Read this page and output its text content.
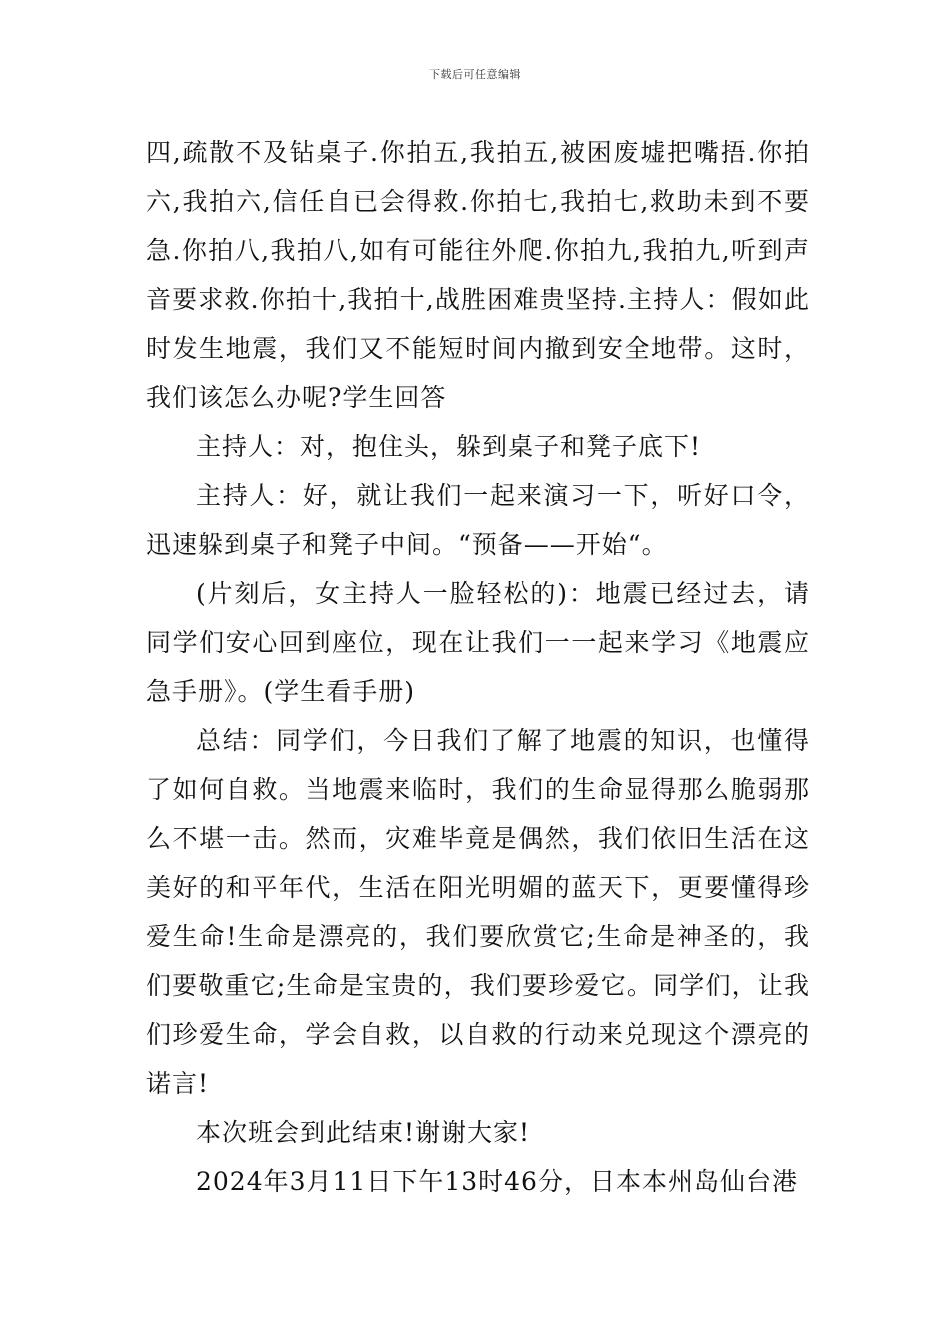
下载后可任意编辑

四,疏散不及钻桌子.你拍五,我拍五,被困废墟把嘴捂.你拍六,我拍六,信任自已会得救.你拍七,我拍七,救助未到不要急.你拍八,我拍八,如有可能往外爬.你拍九,我拍九,听到声音要求救.你拍十,我拍十,战胜困难贵坚持.主持人：假如此时发生地震，我们又不能短时间内撤到安全地带。这时，我们该怎么办呢?学生回答

主持人：对，抱住头，躲到桌子和凳子底下!

主持人：好，就让我们一起来演习一下，听好口令，迅速躲到桌子和凳子中间。“预备——开始“。

(片刻后，女主持人一脸轻松的)：地震已经过去，请同学们安心回到座位，现在让我们一一起来学习《地震应急手册》。(学生看手册)

总结：同学们，今日我们了解了地震的知识，也懂得了如何自救。当地震来临时，我们的生命显得那么脆弱那么不堪一击。然而，灾难毕竟是偶然，我们依旧生活在这美好的和平年代，生活在阳光明媚的蓝天下，更要懂得珍爱生命!生命是漂亮的，我们要欣赏它;生命是神圣的，我们要敬重它;生命是宝贵的，我们要珍爱它。同学们，让我们珍爱生命，学会自救，以自救的行动来兑现这个漂亮的诺言!

本次班会到此结束!谢谢大家!

2024年3月11日下午13时46分，日本本州岛仙台港
